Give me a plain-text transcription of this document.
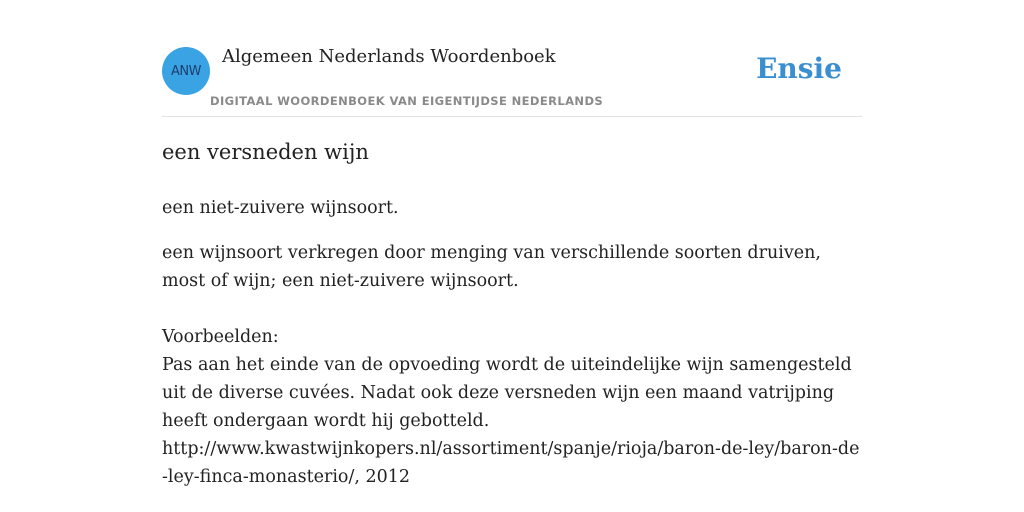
ANW
Algemeen Nederlands Woordenboek
DIGITAAL WOORDENBOEK VAN EIGENTIJDSE NEDERLANDS
Ensie
een versneden wijn
een niet-zuivere wijnsoort.

een wijnsoort verkregen door menging van verschillende soorten druiven, most of wijn; een niet-zuivere wijnsoort.

Voorbeelden:

Pas aan het einde van de opvoeding wordt de uiteindelijke wijn samengesteld uit de diverse cuvées. Nadat ook deze versneden wijn een maand vatrijping heeft ondergaan wordt hij gebotteld.

http://www.kwastwijnkopers.nl/assortiment/spanje/rioja/baron-de-ley/baron-de-ley-finca-monasterio/, 2012
